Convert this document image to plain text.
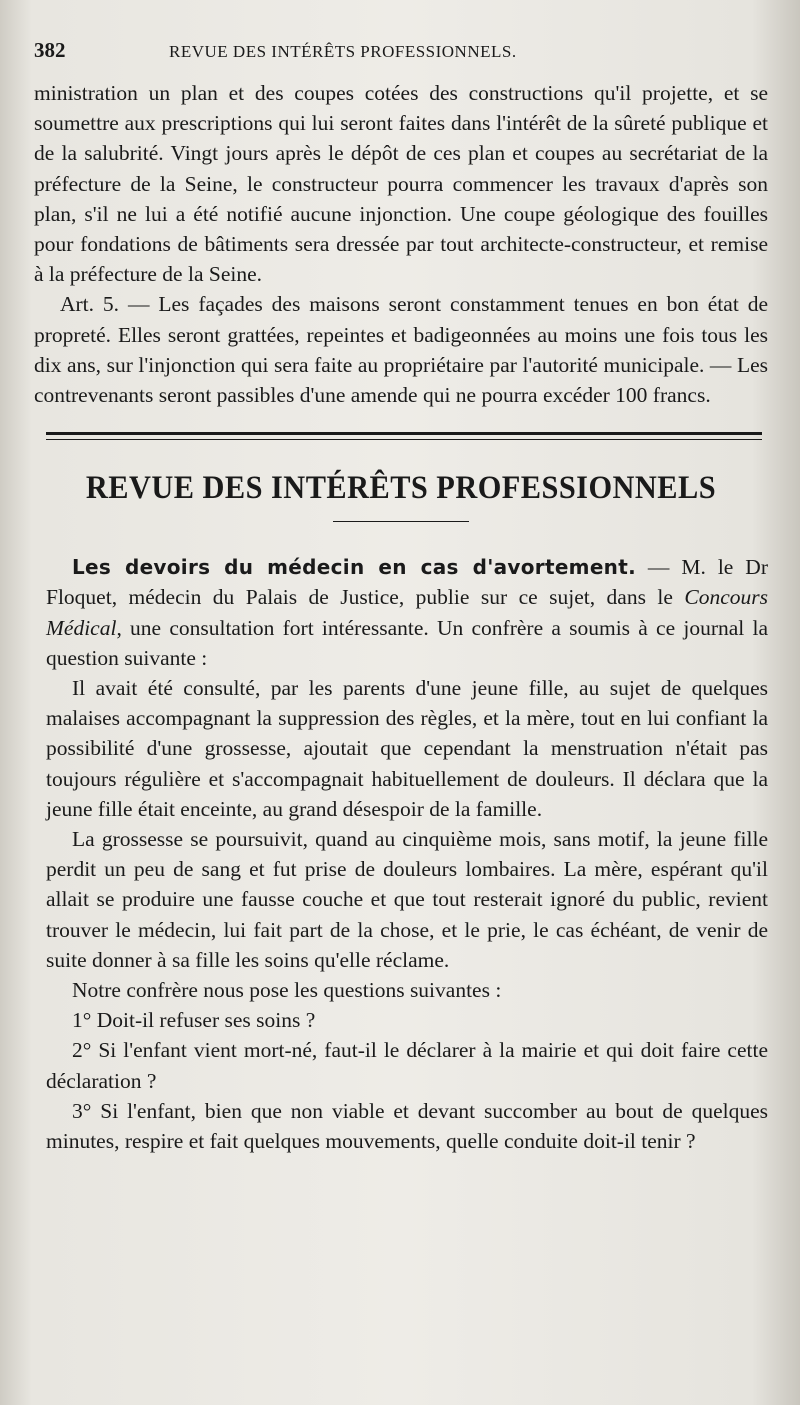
382	REVUE DES INTÉRÊTS PROFESSIONNELS.

ministration un plan et des coupes cotées des constructions qu'il projette, et se soumettre aux prescriptions qui lui seront faites dans l'intérêt de la sûreté publique et de la salubrité. Vingt jours après le dépôt de ces plan et coupes au secrétariat de la préfecture de la Seine, le constructeur pourra commencer les travaux d'après son plan, s'il ne lui a été notifié aucune injonction. Une coupe géologique des fouilles pour fondations de bâtiments sera dressée par tout architecte-constructeur, et remise à la préfecture de la Seine.

Art. 5. — Les façades des maisons seront constamment tenues en bon état de propreté. Elles seront grattées, repeintes et badigeonnées au moins une fois tous les dix ans, sur l'injonction qui sera faite au propriétaire par l'autorité municipale. — Les contrevenants seront passibles d'une amende qui ne pourra excéder 100 francs.

REVUE DES INTÉRÊTS PROFESSIONNELS

Les devoirs du médecin en cas d'avortement. — M. le Dr Floquet, médecin du Palais de Justice, publie sur ce sujet, dans le Concours Médical, une consultation fort intéressante. Un confrère a soumis à ce journal la question suivante :

Il avait été consulté, par les parents d'une jeune fille, au sujet de quelques malaises accompagnant la suppression des règles, et la mère, tout en lui confiant la possibilité d'une grossesse, ajoutait que cependant la menstruation n'était pas toujours régulière et s'accompagnait habituellement de douleurs. Il déclara que la jeune fille était enceinte, au grand désespoir de la famille.

La grossesse se poursuivit, quand au cinquième mois, sans motif, la jeune fille perdit un peu de sang et fut prise de douleurs lombaires. La mère, espérant qu'il allait se produire une fausse couche et que tout resterait ignoré du public, revient trouver le médecin, lui fait part de la chose, et le prie, le cas échéant, de venir de suite donner à sa fille les soins qu'elle réclame.

Notre confrère nous pose les questions suivantes :

1° Doit-il refuser ses soins ?

2° Si l'enfant vient mort-né, faut-il le déclarer à la mairie et qui doit faire cette déclaration ?

3° Si l'enfant, bien que non viable et devant succomber au bout de quelques minutes, respire et fait quelques mouvements, quelle conduite doit-il tenir ?
